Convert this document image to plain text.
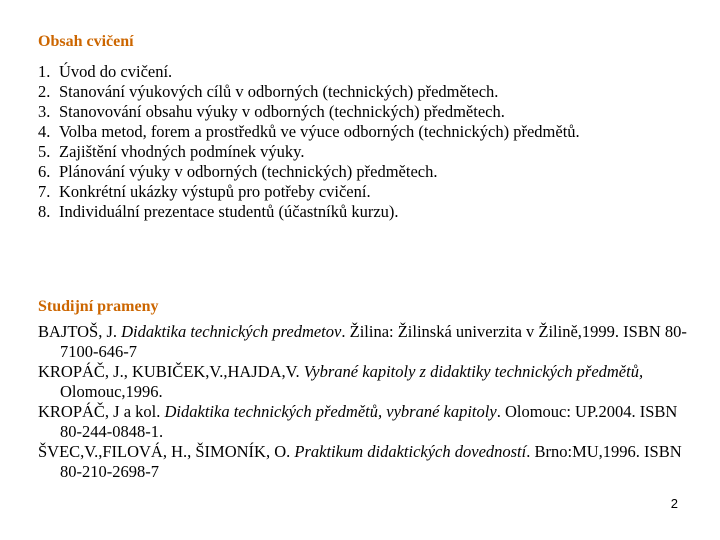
Obsah cvičení
1. Úvod do cvičení.
2. Stanování výukových cílů v odborných (technických) předmětech.
3. Stanovování obsahu výuky v odborných (technických) předmětech.
4. Volba metod, forem a prostředků ve výuce odborných (technických) předmětů.
5. Zajištění vhodných podmínek výuky.
6. Plánování výuky v odborných (technických) předmětech.
7. Konkrétní ukázky výstupů pro potřeby cvičení.
8. Individuální prezentace studentů (účastníků kurzu).
Studijní prameny
BAJTOŠ, J. Didaktika technických predmetov. Žilina: Žilinská univerzita v Žilině,1999. ISBN 80-7100-646-7
KROPÁČ, J., KUBIČEK,V.,HAJDA,V. Vybrané kapitoly z didaktiky technických předmětů, Olomouc,1996.
KROPÁČ, J a kol. Didaktika technických předmětů, vybrané kapitoly. Olomouc: UP.2004. ISBN 80-244-0848-1.
ŠVEC,V.,FILOVÁ, H., ŠIMONÍK, O. Praktikum didaktických dovedností. Brno:MU,1996. ISBN 80-210-2698-7
2
